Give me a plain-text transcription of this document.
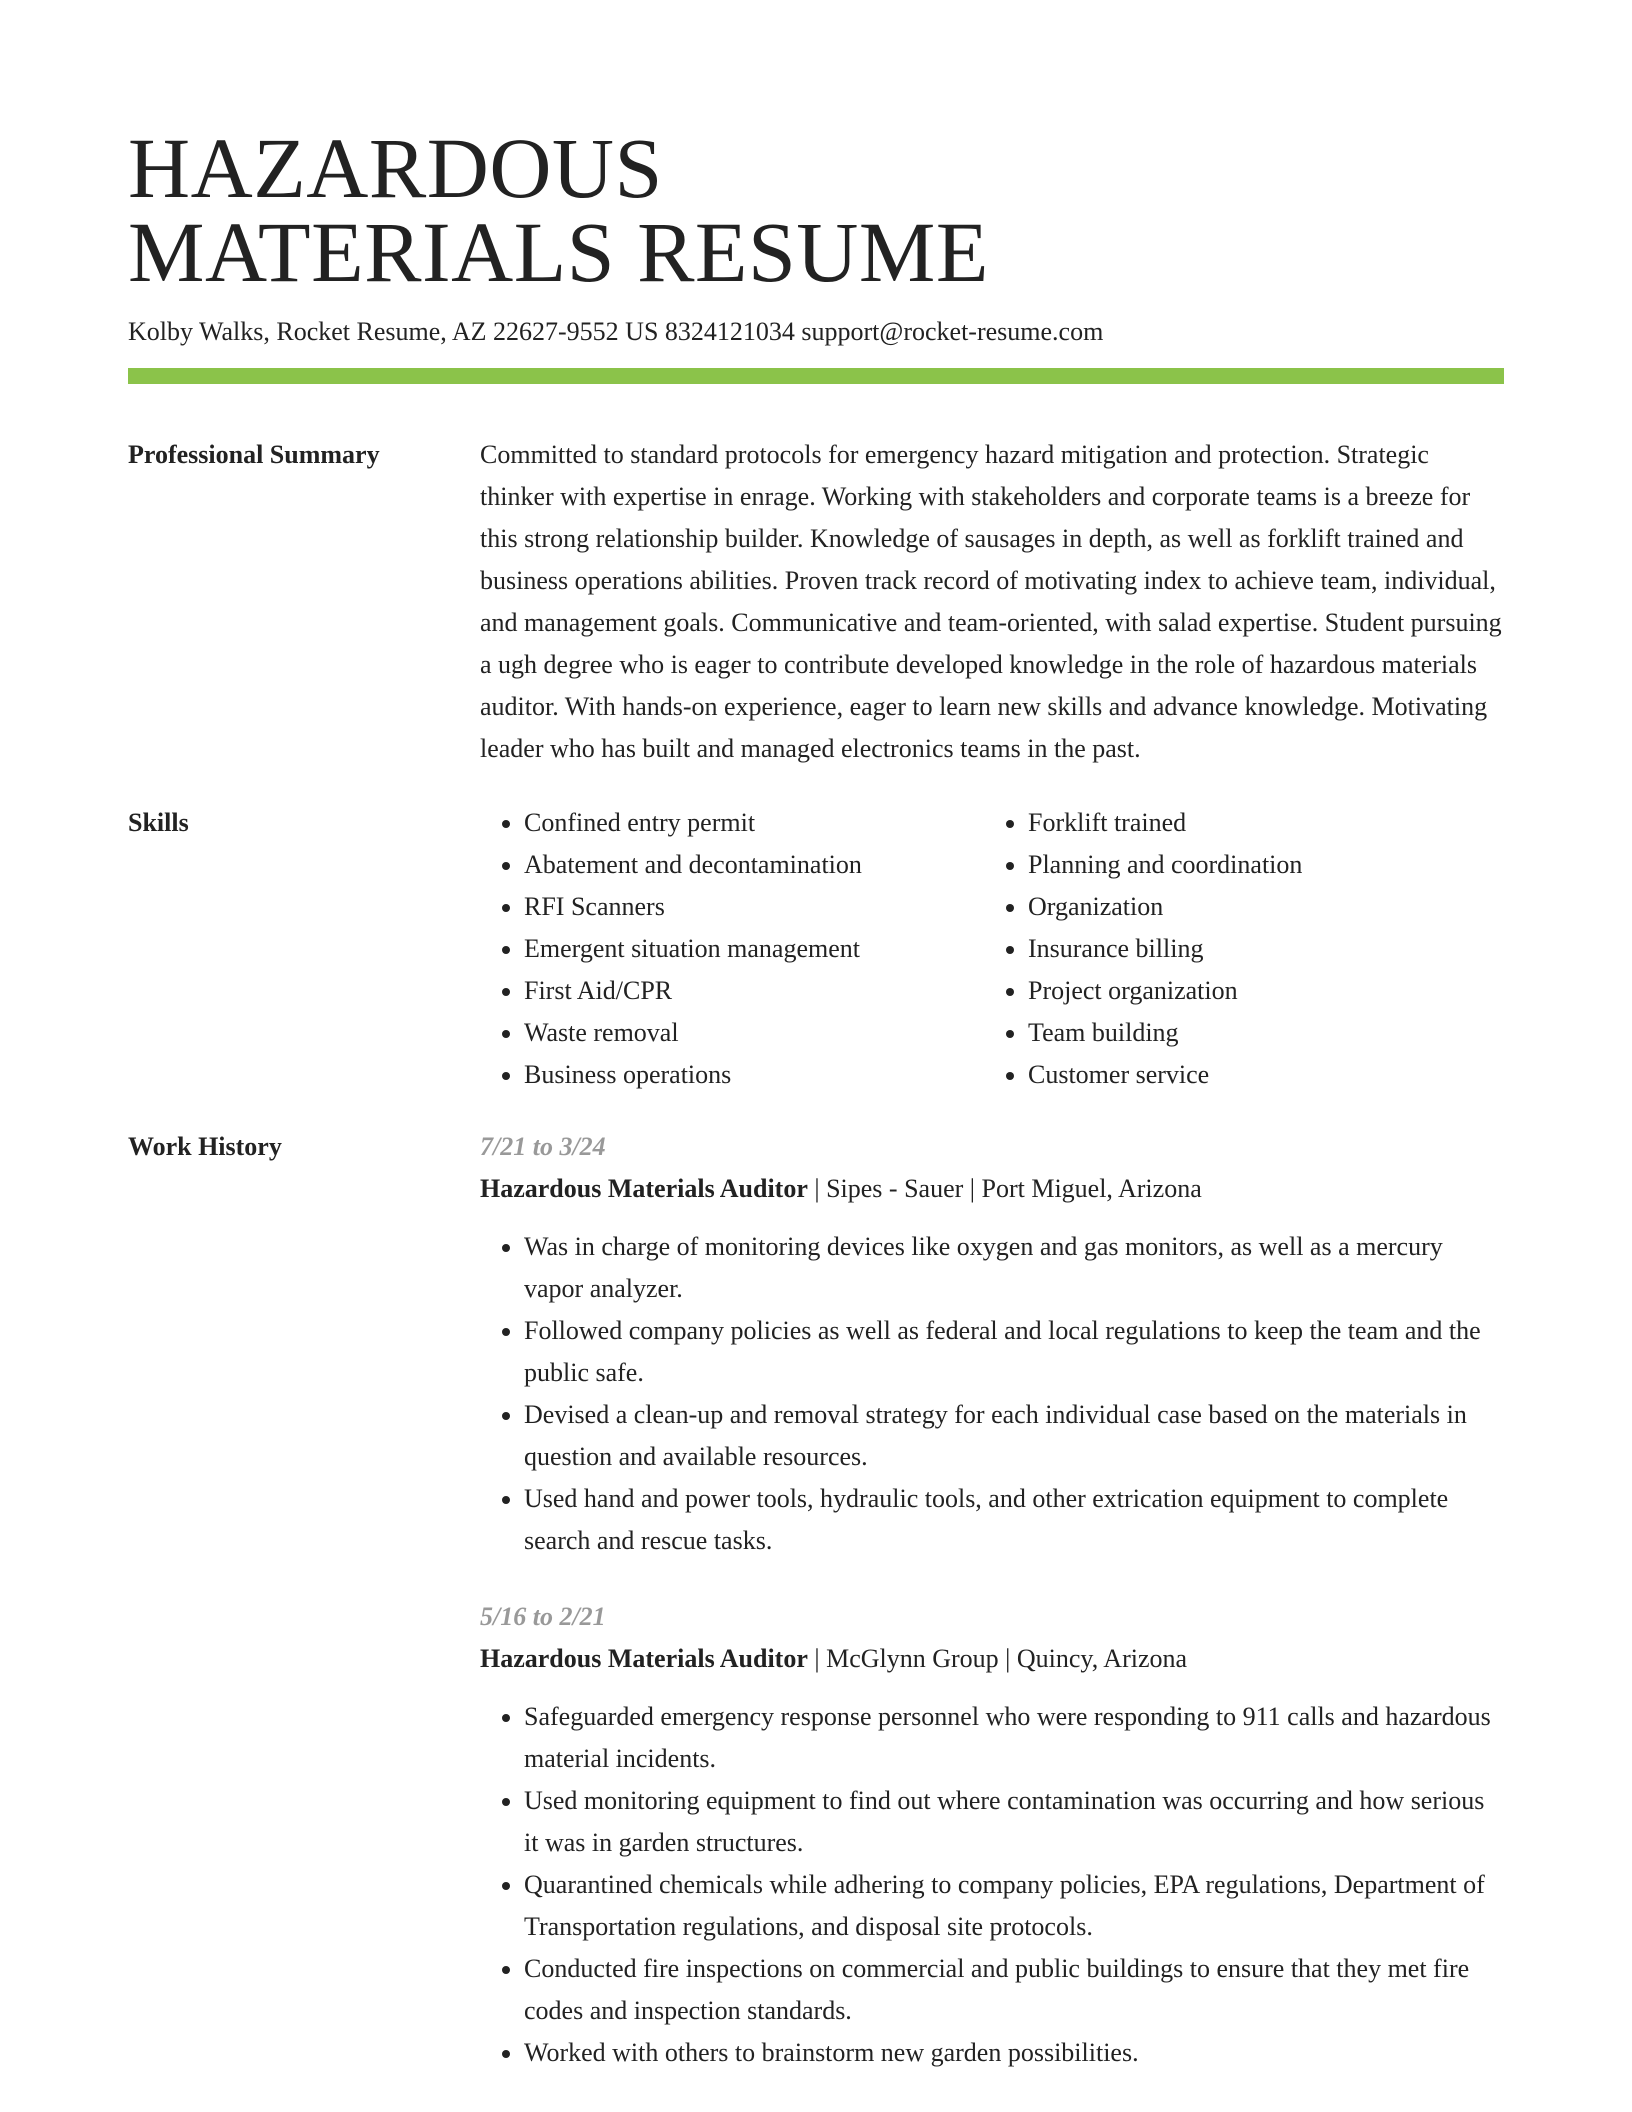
HAZARDOUS
MATERIALS RESUME
Kolby Walks, Rocket Resume, AZ 22627-9552 US 8324121034 support@rocket-resume.com
Professional Summary	Committed to standard protocols for emergency hazard mitigation and protection. Strategic thinker with expertise in enrage. Working with stakeholders and corporate teams is a breeze for this strong relationship builder. Knowledge of sausages in depth, as well as forklift trained and business operations abilities. Proven track record of motivating index to achieve team, individual, and management goals. Communicative and team-oriented, with salad expertise. Student pursuing a ugh degree who is eager to contribute developed knowledge in the role of hazardous materials auditor. With hands-on experience, eager to learn new skills and advance knowledge. Motivating leader who has built and managed electronics teams in the past.

Skills
•	Confined entry permit
• Abatement and decontamination
• RFI Scanners
• Emergent situation management
• First Aid/CPR
• Waste removal
• Business operations
• Forklift trained
• Planning and coordination
• Organization
• Insurance billing
• Project organization
• Team building
• Customer service
Work History	7/21 to 3/24
Hazardous Materials Auditor | Sipes - Sauer | Port Miguel, Arizona
• Was in charge of monitoring devices like oxygen and gas monitors, as well as a mercury vapor analyzer.
• Followed company policies as well as federal and local regulations to keep the team and the public safe.
• Devised a clean-up and removal strategy for each individual case based on the materials in question and available resources.
• Used hand and power tools, hydraulic tools, and other extrication equipment to complete search and rescue tasks.
5/16 to 2/21
Hazardous Materials Auditor | McGlynn Group | Quincy, Arizona
• Safeguarded emergency response personnel who were responding to 911 calls and hazardous material incidents.
• Used monitoring equipment to find out where contamination was occurring and how serious it was in garden structures.
• Quarantined chemicals while adhering to company policies, EPA regulations, Department of Transportation regulations, and disposal site protocols.
• Conducted fire inspections on commercial and public buildings to ensure that they met fire codes and inspection standards.
• Worked with others to brainstorm new garden possibilities.
